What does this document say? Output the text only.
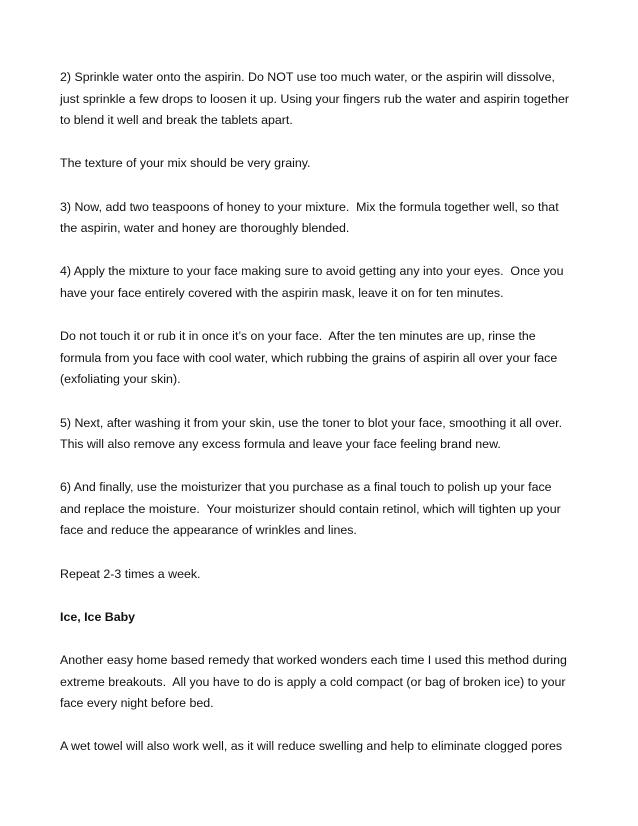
2) Sprinkle water onto the aspirin. Do NOT use too much water, or the aspirin will dissolve,
just sprinkle a few drops to loosen it up. Using your fingers rub the water and aspirin together
to blend it well and break the tablets apart.
The texture of your mix should be very grainy.
3) Now, add two teaspoons of honey to your mixture.  Mix the formula together well, so that
the aspirin, water and honey are thoroughly blended.
4) Apply the mixture to your face making sure to avoid getting any into your eyes.  Once you
have your face entirely covered with the aspirin mask, leave it on for ten minutes.
Do not touch it or rub it in once it’s on your face.  After the ten minutes are up, rinse the
formula from you face with cool water, which rubbing the grains of aspirin all over your face
(exfoliating your skin).
5) Next, after washing it from your skin, use the toner to blot your face, smoothing it all over.
This will also remove any excess formula and leave your face feeling brand new.
6) And finally, use the moisturizer that you purchase as a final touch to polish up your face
and replace the moisture.  Your moisturizer should contain retinol, which will tighten up your
face and reduce the appearance of wrinkles and lines.
Repeat 2-3 times a week.
Ice, Ice Baby
Another easy home based remedy that worked wonders each time I used this method during
extreme breakouts.  All you have to do is apply a cold compact (or bag of broken ice) to your
face every night before bed.
A wet towel will also work well, as it will reduce swelling and help to eliminate clogged pores
